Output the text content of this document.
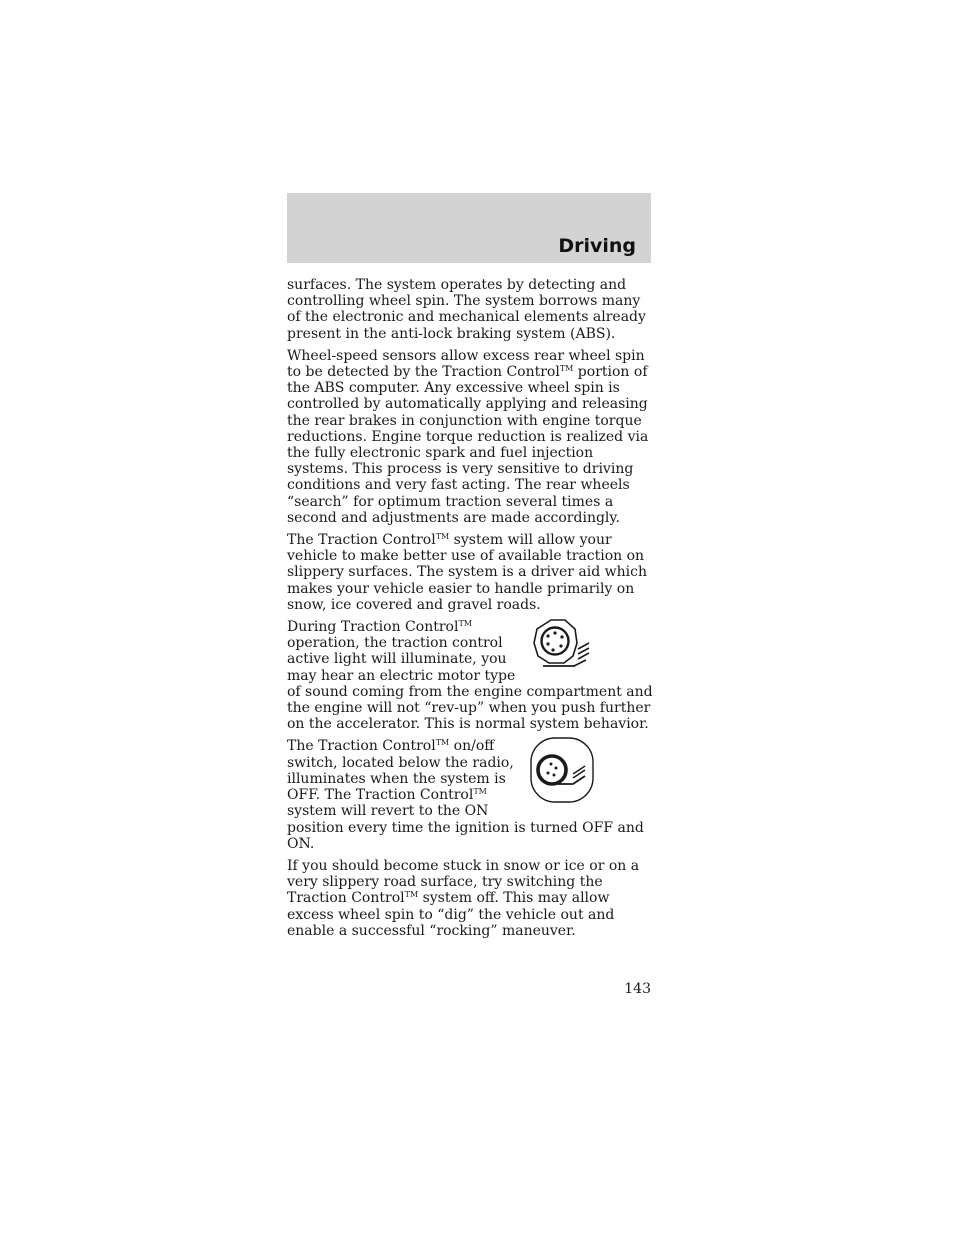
Driving

surfaces. The system operates by detecting and controlling wheel spin. The system borrows many of the electronic and mechanical elements already present in the anti-lock braking system (ABS).

Wheel-speed sensors allow excess rear wheel spin to be detected by the Traction Control™ portion of the ABS computer. Any excessive wheel spin is controlled by automatically applying and releasing the rear brakes in conjunction with engine torque reductions. Engine torque reduction is realized via the fully electronic spark and fuel injection systems. This process is very sensitive to driving conditions and very fast acting. The rear wheels “search” for optimum traction several times a second and adjustments are made accordingly.

The Traction Control™ system will allow your vehicle to make better use of available traction on slippery surfaces. The system is a driver aid which makes your vehicle easier to handle primarily on snow, ice covered and gravel roads.

During Traction Control™ operation, the traction control active light will illuminate, you may hear an electric motor type of sound coming from the engine compartment and the engine will not “rev-up” when you push further on the accelerator. This is normal system behavior.

The Traction Control™ on/off switch, located below the radio, illuminates when the system is OFF. The Traction Control™ system will revert to the ON position every time the ignition is turned OFF and ON.

If you should become stuck in snow or ice or on a very slippery road surface, try switching the Traction Control™ system off. This may allow excess wheel spin to “dig” the vehicle out and enable a successful “rocking” maneuver.

143
